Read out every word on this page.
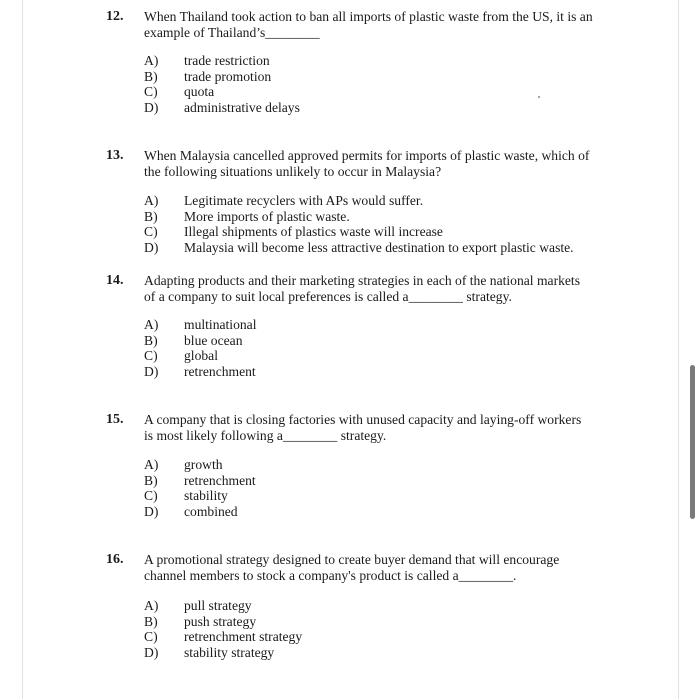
12. When Thailand took action to ban all imports of plastic waste from the US, it is an
example of Thailand’s________
A) trade restriction
B) trade promotion
C) quota
D) administrative delays
13. When Malaysia cancelled approved permits for imports of plastic waste, which of
the following situations unlikely to occur in Malaysia?
A) Legitimate recyclers with APs would suffer.
B) More imports of plastic waste.
C) Illegal shipments of plastics waste will increase
D) Malaysia will become less attractive destination to export plastic waste.
14. Adapting products and their marketing strategies in each of the national markets
of a company to suit local preferences is called a________ strategy.
A) multinational
B) blue ocean
C) global
D) retrenchment
15. A company that is closing factories with unused capacity and laying-off workers
is most likely following a________ strategy.
A) growth
B) retrenchment
C) stability
D) combined
16. A promotional strategy designed to create buyer demand that will encourage
channel members to stock a company's product is called a________.
A) pull strategy
B) push strategy
C) retrenchment strategy
D) stability strategy
